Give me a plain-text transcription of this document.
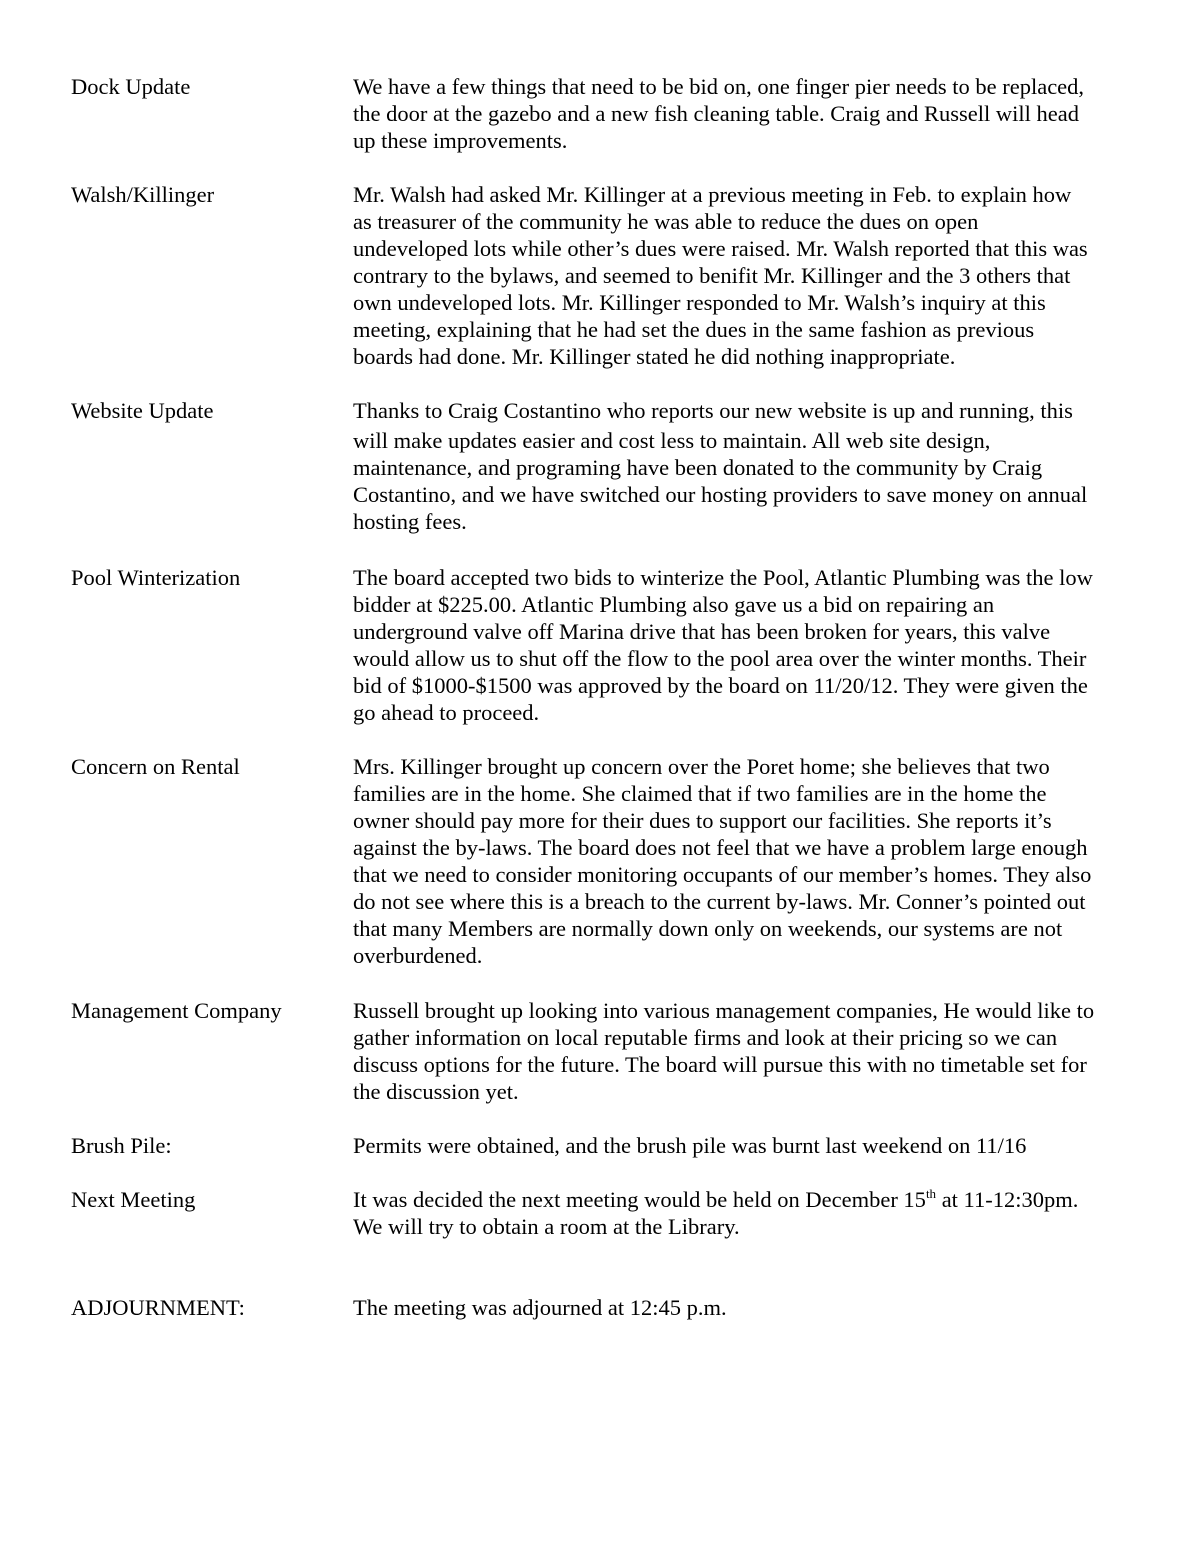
Dock Update	We have a few things that need to be bid on, one finger pier needs to be replaced,
the door at the gazebo and a new fish cleaning table. Craig and Russell will head
up these improvements.
Walsh/Killinger	Mr. Walsh had asked Mr. Killinger at a previous meeting in Feb. to explain how
as treasurer of the community he was able to reduce the dues on open
undeveloped lots while other’s dues were raised. Mr. Walsh reported that this was
contrary to the bylaws, and seemed to benifit Mr. Killinger and the 3 others that
own undeveloped lots. Mr. Killinger responded to Mr. Walsh’s inquiry at this
meeting, explaining that he had set the dues in the same fashion as previous
boards had done. Mr. Killinger stated he did nothing inappropriate.
Website Update	Thanks to Craig Costantino who reports our new website is up and running, this
will make updates easier and cost less to maintain. All web site design,
maintenance, and programing have been donated to the community by Craig
Costantino, and we have switched our hosting providers to save money on annual
hosting fees.
Pool Winterization	The board accepted two bids to winterize the Pool, Atlantic Plumbing was the low
bidder at $225.00. Atlantic Plumbing also gave us a bid on repairing an
underground valve off Marina drive that has been broken for years, this valve
would allow us to shut off the flow to the pool area over the winter months. Their
bid of $1000-$1500 was approved by the board on 11/20/12. They were given the
go ahead to proceed.
Concern on Rental	Mrs. Killinger brought up concern over the Poret home; she believes that two
families are in the home. She claimed that if two families are in the home the
owner should pay more for their dues to support our facilities. She reports it’s
against the by-laws. The board does not feel that we have a problem large enough
that we need to consider monitoring occupants of our member’s homes. They also
do not see where this is a breach to the current by-laws. Mr. Conner’s pointed out
that many Members are normally down only on weekends, our systems are not
overburdened.
Management Company	Russell brought up looking into various management companies, He would like to
gather information on local reputable firms and look at their pricing so we can
discuss options for the future. The board will pursue this with no timetable set for
the discussion yet.
Brush Pile:	Permits were obtained, and the brush pile was burnt last weekend on 11/16
Next Meeting	It was decided the next meeting would be held on December 15th at 11-12:30pm.
We will try to obtain a room at the Library.
ADJOURNMENT:	The meeting was adjourned at 12:45 p.m.
